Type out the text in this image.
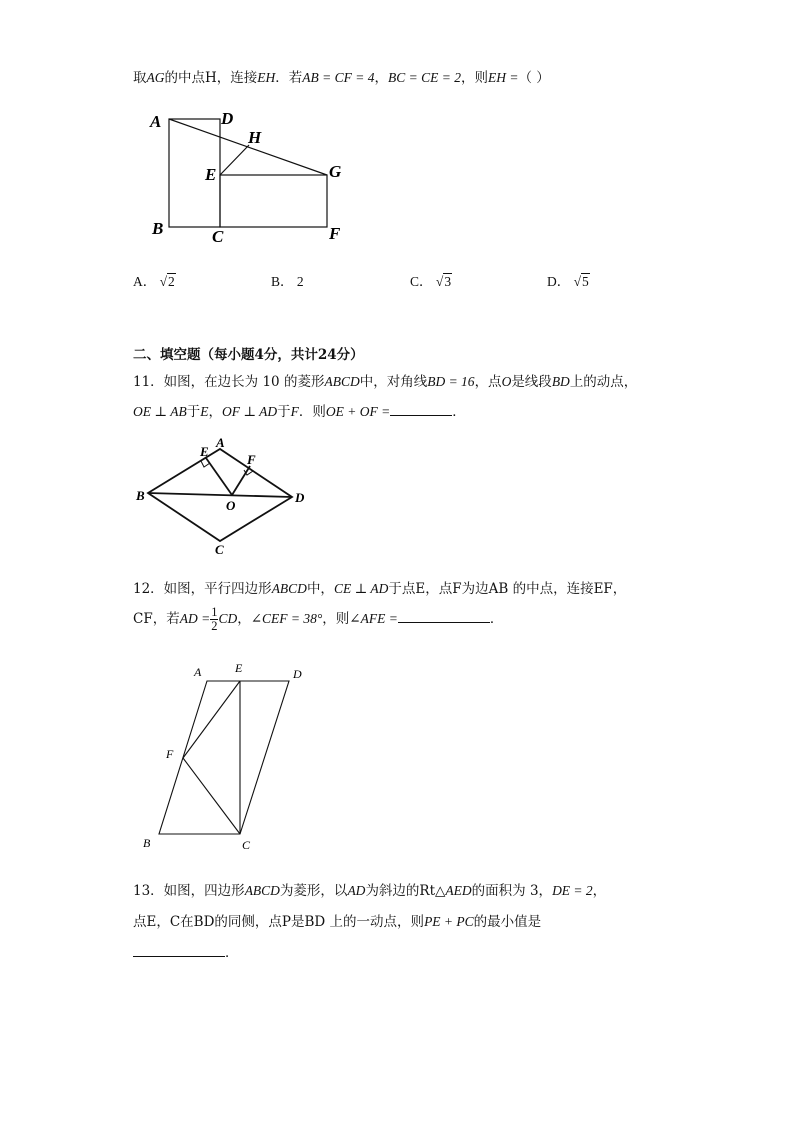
取AG的中点H，连接EH．若AB = CF = 4，BC = CE = 2，则EH =（ ）
A	D
H
E	G
B	C	F
A． √2	B． 2	C． √3	D． √5
二、填空题（每小题4分，共计24分）
11．如图，在边长为 10 的菱形ABCD中，对角线BD = 16，点O是线段BD上的动点，
OE ⊥ AB于E，OF ⊥ AD于F．则OE + OF =	．
A
E
F
B	D
O
C
12．如图，平行四边形ABCD中，CE ⊥ AD于点E，点F为边AB 的中点，连接EF，
CF，若AD = $\frac{1}{2}$ CD，∠CEF = 38°，则∠AFE =	．
A	E	D
F
B	C
13．如图，四边形ABCD为菱形，以AD为斜边的Rt△AED的面积为 3，DE = 2，
点E，C在BD的同侧，点P是BD 上的一动点，则PE + PC的最小值是
．
